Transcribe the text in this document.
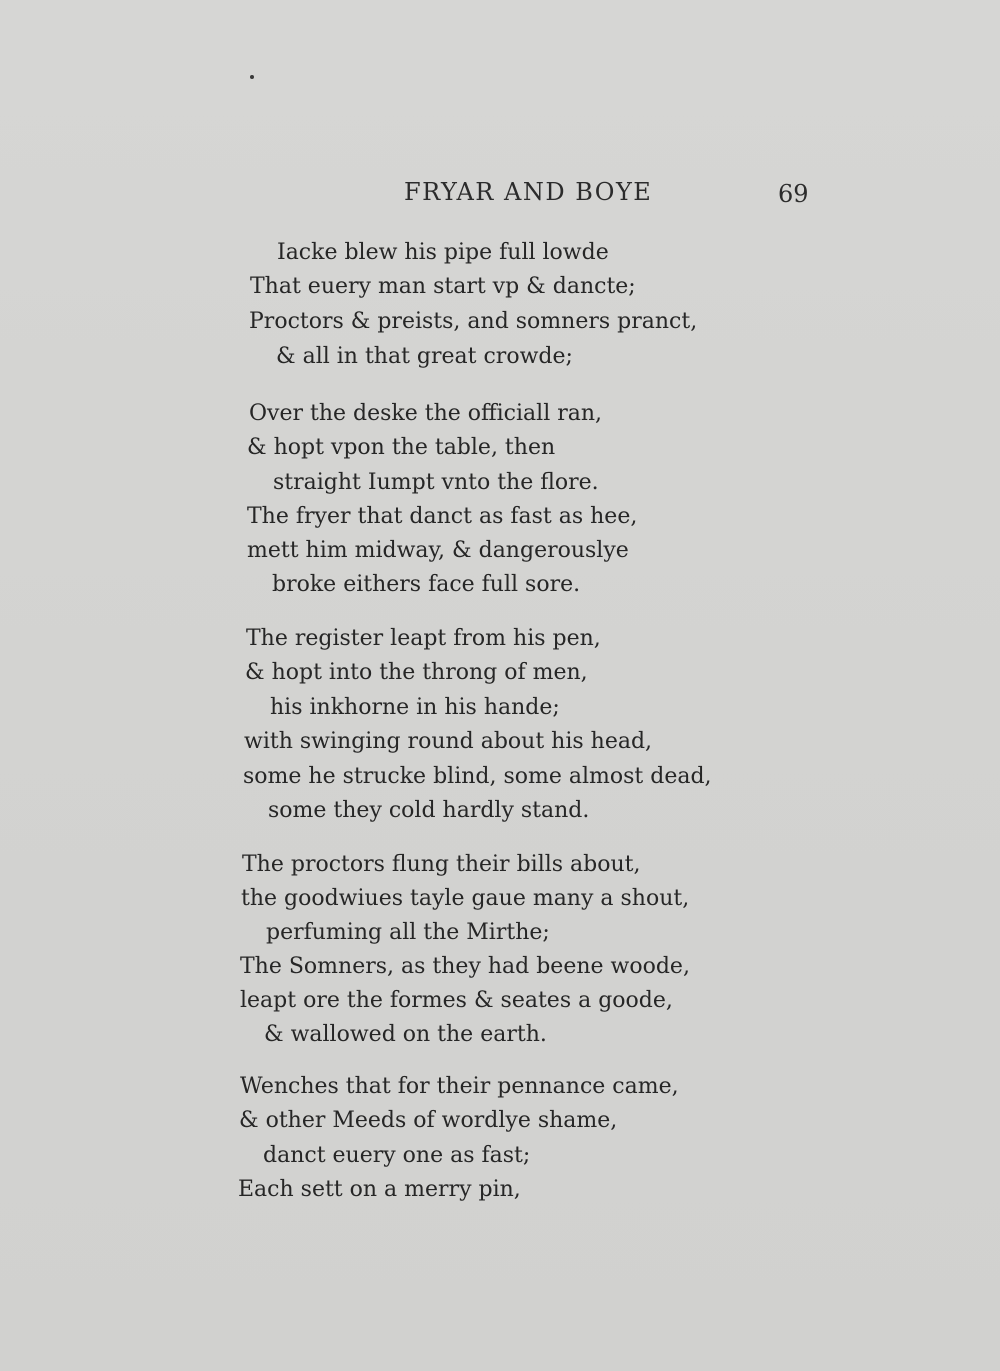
FRYAR AND BOYE	69
Iacke blew his pipe full lowde
That euery man start vp & dancte;
Proctors & preists, and somners pranct,
& all in that great crowde;
Over the deske the officiall ran,
& hopt vpon the table, then
straight Iumpt vnto the flore.
The fryer that danct as fast as hee,
mett him midway, & dangerouslye
broke eithers face full sore.
The register leapt from his pen,
& hopt into the throng of men,
his inkhorne in his hande;
with swinging round about his head,
some he strucke blind, some almost dead,
some they cold hardly stand.
The proctors flung their bills about,
the goodwiues tayle gaue many a shout,
perfuming all the Mirthe;
The Somners, as they had beene woode,
leapt ore the formes & seates a goode,
& wallowed on the earth.
Wenches that for their pennance came,
& other Meeds of wordlye shame,
danct euery one as fast;
Each sett on a merry pin,
